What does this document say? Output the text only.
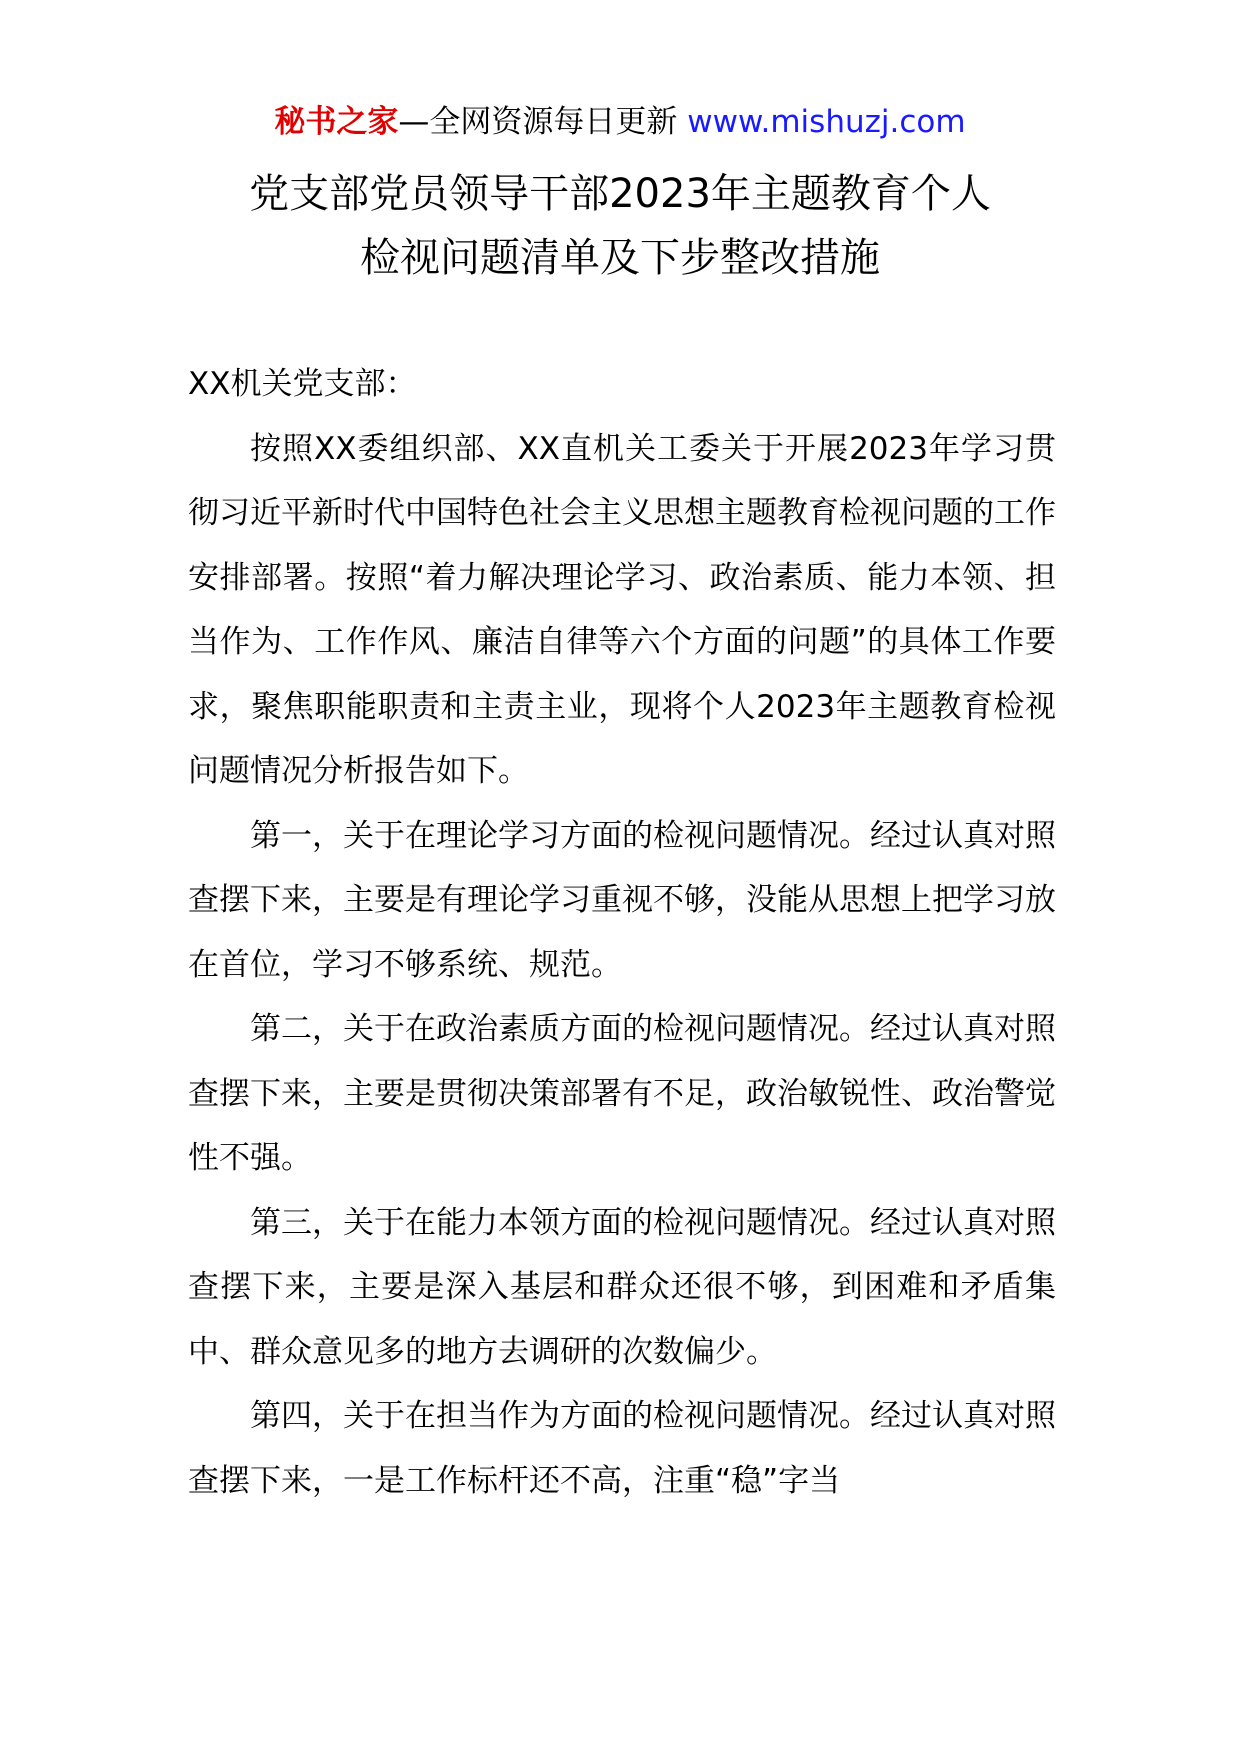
秘书之家—全网资源每日更新 www.mishuzj.com
党支部党员领导干部2023年主题教育个人
检视问题清单及下步整改措施

XX机关党支部：

按照XX委组织部、XX直机关工委关于开展2023年学习贯彻习近平新时代中国特色社会主义思想主题教育检视问题的工作安排部署。按照“着力解决理论学习、政治素质、能力本领、担当作为、工作作风、廉洁自律等六个方面的问题”的具体工作要求，聚焦职能职责和主责主业，现将个人2023年主题教育检视问题情况分析报告如下。

第一，关于在理论学习方面的检视问题情况。经过认真对照查摆下来，主要是有理论学习重视不够，没能从思想上把学习放在首位，学习不够系统、规范。

第二，关于在政治素质方面的检视问题情况。经过认真对照查摆下来，主要是贯彻决策部署有不足，政治敏锐性、政治警觉性不强。

第三，关于在能力本领方面的检视问题情况。经过认真对照查摆下来，主要是深入基层和群众还很不够，到困难和矛盾集中、群众意见多的地方去调研的次数偏少。

第四，关于在担当作为方面的检视问题情况。经过认真对照查摆下来，一是工作标杆还不高，注重“稳”字当
